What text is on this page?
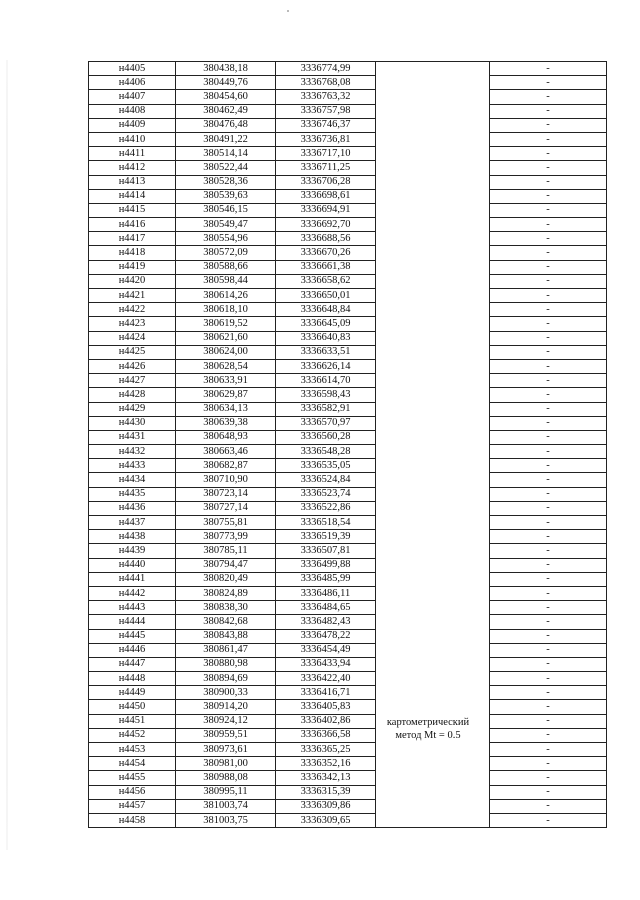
н4405	380438,18	3336774,99		-
н4406	380449,76	3336768,08		-
н4407	380454,60	3336763,32		-
н4408	380462,49	3336757,98		-
н4409	380476,48	3336746,37		-
н4410	380491,22	3336736,81		-
н4411	380514,14	3336717,10		-
н4412	380522,44	3336711,25		-
н4413	380528,36	3336706,28		-
н4414	380539,63	3336698,61		-
н4415	380546,15	3336694,91		-
н4416	380549,47	3336692,70		-
н4417	380554,96	3336688,56		-
н4418	380572,09	3336670,26		-
н4419	380588,66	3336661,38		-
н4420	380598,44	3336658,62		-
н4421	380614,26	3336650,01		-
н4422	380618,10	3336648,84		-
н4423	380619,52	3336645,09		-
н4424	380621,60	3336640,83		-
н4425	380624,00	3336633,51		-
н4426	380628,54	3336626,14		-
н4427	380633,91	3336614,70		-
н4428	380629,87	3336598,43		-
н4429	380634,13	3336582,91		-
н4430	380639,38	3336570,97		-
н4431	380648,93	3336560,28		-
н4432	380663,46	3336548,28		-
н4433	380682,87	3336535,05		-
н4434	380710,90	3336524,84		-
н4435	380723,14	3336523,74		-
н4436	380727,14	3336522,86		-
н4437	380755,81	3336518,54		-
н4438	380773,99	3336519,39		-
н4439	380785,11	3336507,81		-
н4440	380794,47	3336499,88		-
н4441	380820,49	3336485,99		-
н4442	380824,89	3336486,11		-
н4443	380838,30	3336484,65		-
н4444	380842,68	3336482,43		-
н4445	380843,88	3336478,22		-
н4446	380861,47	3336454,49		-
н4447	380880,98	3336433,94		-
н4448	380894,69	3336422,40		-
н4449	380900,33	3336416,71		-
н4450	380914,20	3336405,83		-
н4451	380924,12	3336402,86		-
н4452	380959,51	3336366,58		-
н4453	380973,61	3336365,25		-
н4454	380981,00	3336352,16		-
н4455	380988,08	3336342,13		-
н4456	380995,11	3336315,39		-
н4457	381003,74	3336309,86		-
н4458	381003,75	3336309,65		-
картометрический
метод Mt = 0.5
